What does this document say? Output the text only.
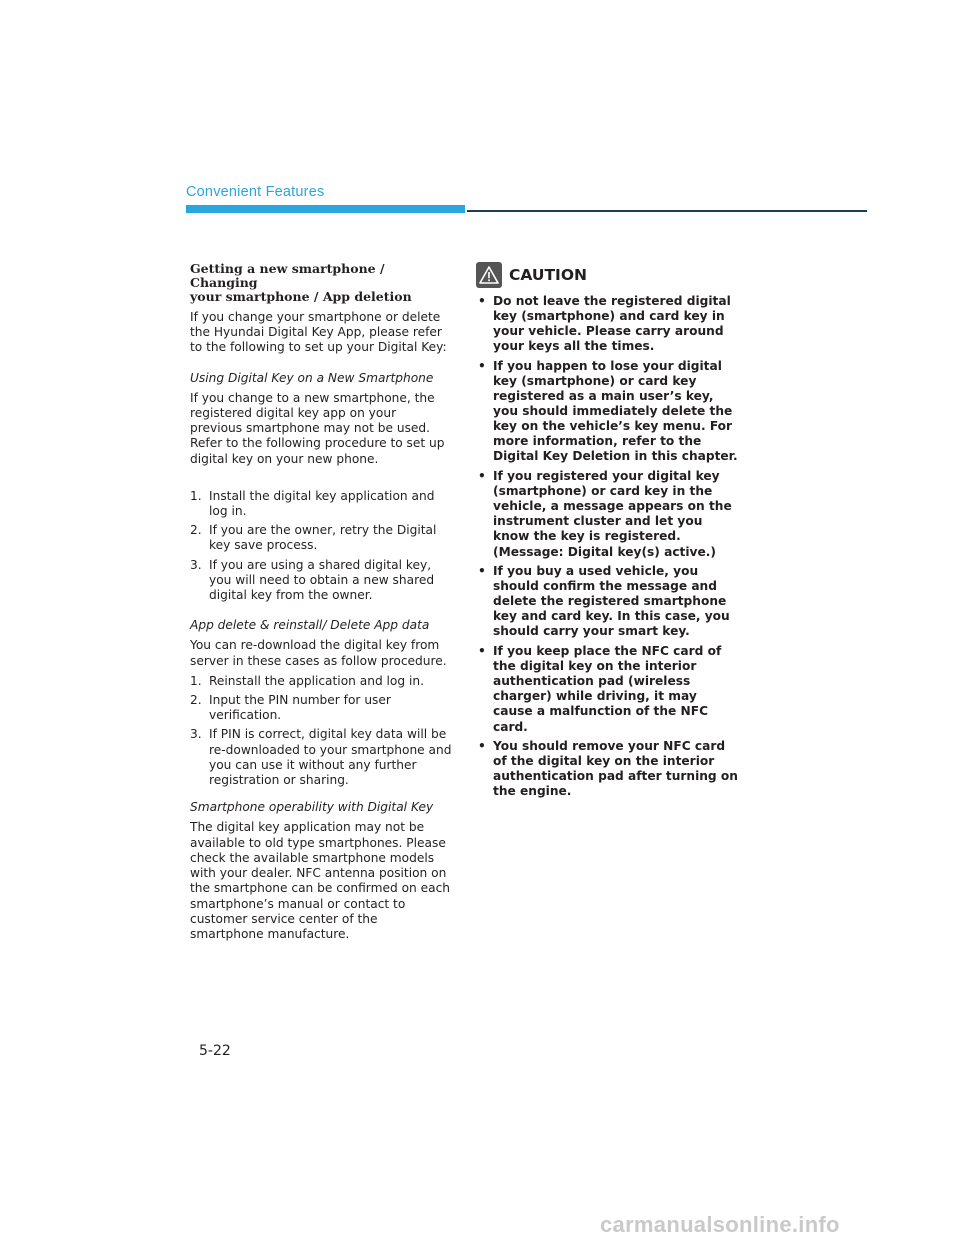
Convenient Features
Getting a new smartphone / Changing
your smartphone / App deletion

If you change your smartphone or delete the Hyundai Digital Key App, please refer to the following to set up your Digital Key:

Using Digital Key on a New Smartphone

If you change to a new smartphone, the registered digital key app on your previous smartphone may not be used. Refer to the following procedure to set up digital key on your new phone.

1. Install the digital key application and log in.
2. If you are the owner, retry the Digital key save process.
3. If you are using a shared digital key, you will need to obtain a new shared digital key from the owner.

App delete & reinstall/ Delete App data

You can re-download the digital key from server in these cases as follow procedure.

1. Reinstall the application and log in.
2. Input the PIN number for user verification.
3. If PIN is correct, digital key data will be re-downloaded to your smartphone and you can use it without any further registration or sharing.

Smartphone operability with Digital Key

The digital key application may not be available to old type smartphones. Please check the available smartphone models with your dealer. NFC antenna position on the smartphone can be confirmed on each smartphone’s manual or contact to customer service center of the smartphone manufacture.

CAUTION
• Do not leave the registered digital key (smartphone) and card key in your vehicle. Please carry around your keys all the times.
• If you happen to lose your digital key (smartphone) or card key registered as a main user’s key, you should immediately delete the key on the vehicle’s key menu. For more information, refer to the Digital Key Deletion in this chapter.
• If you registered your digital key (smartphone) or card key in the vehicle, a message appears on the instrument cluster and let you know the key is registered. (Message: Digital key(s) active.)
• If you buy a used vehicle, you should confirm the message and delete the registered smartphone key and card key. In this case, you should carry your smart key.
• If you keep place the NFC card of the digital key on the interior authentication pad (wireless charger) while driving, it may cause a malfunction of the NFC card.
• You should remove your NFC card of the digital key on the interior authentication pad after turning on the engine.
5-22
carmanualsonline.info
